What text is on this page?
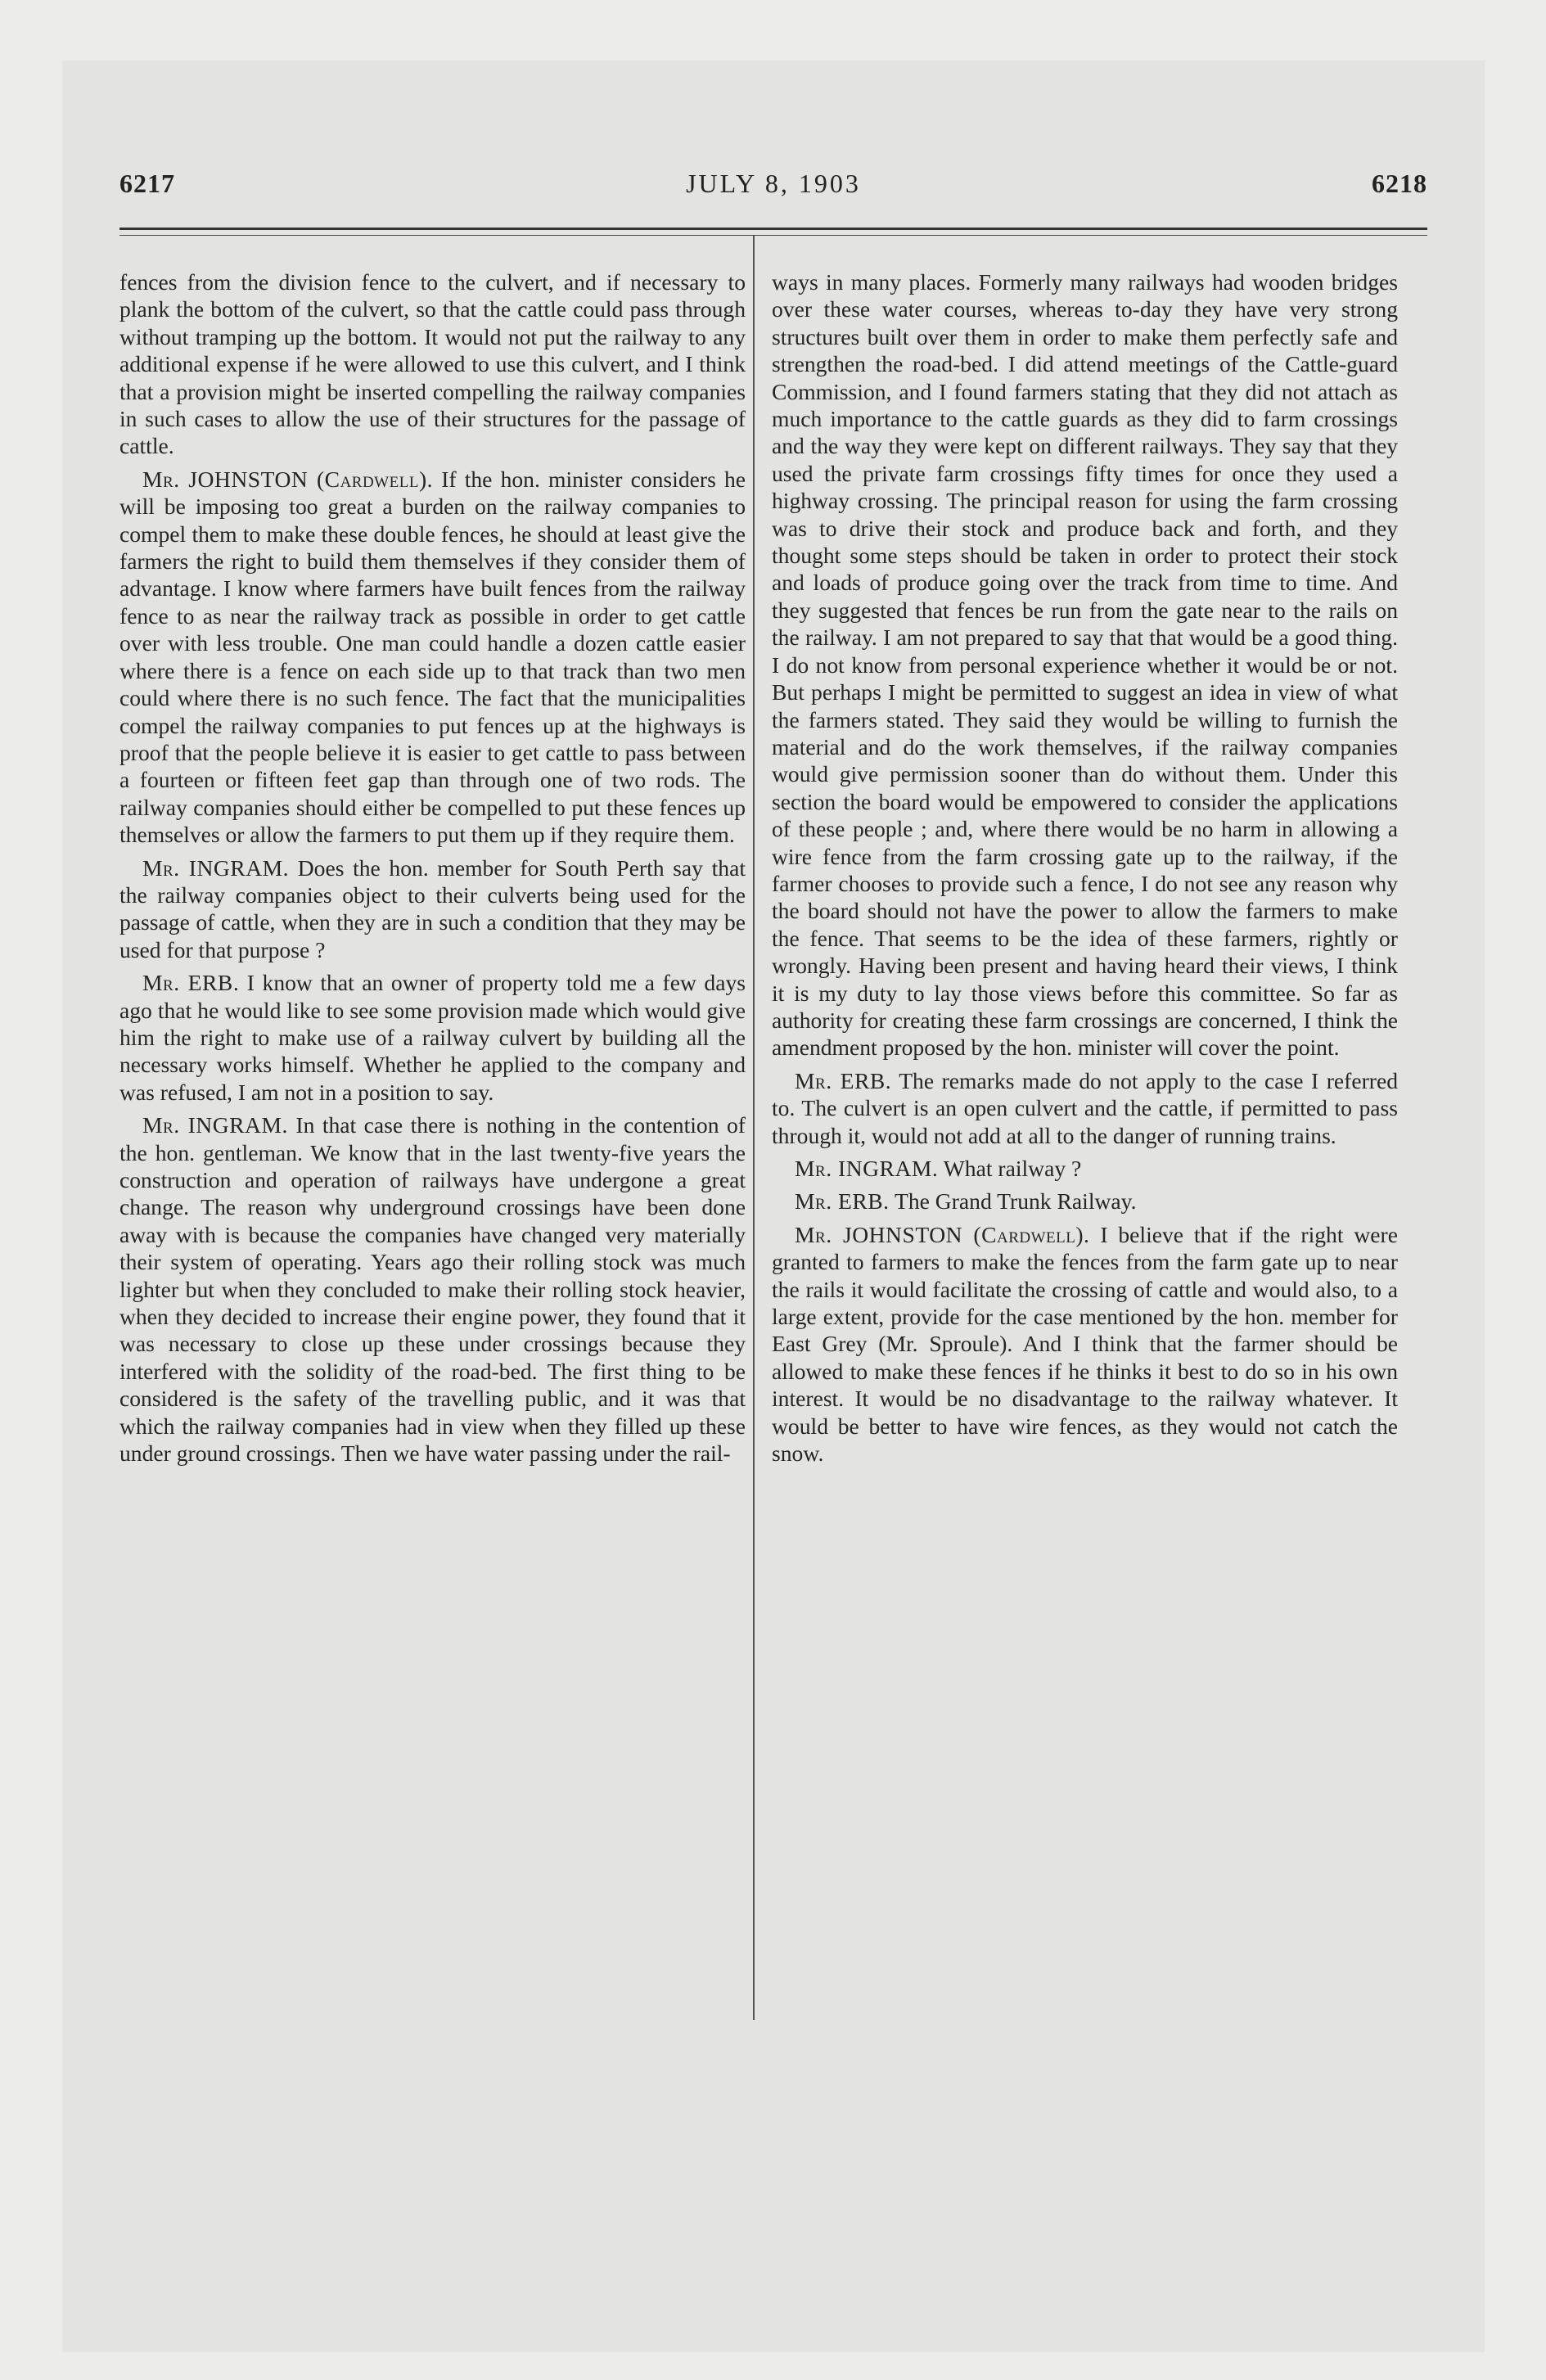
JULY 8, 1903
6217	6218

fences from the division fence to the culvert, and if necessary to plank the bottom of the culvert, so that the cattle could pass through without tramping up the bottom. It would not put the railway to any additional expense if he were allowed to use this culvert, and I think that a provision might be inserted compelling the railway companies in such cases to allow the use of their structures for the passage of cattle.

Mr. JOHNSTON (Cardwell). If the hon. minister considers he will be imposing too great a burden on the railway companies to compel them to make these double fences, he should at least give the farmers the right to build them themselves if they consider them of advantage. I know where farmers have built fences from the railway fence to as near the railway track as possible in order to get cattle over with less trouble. One man could handle a dozen cattle easier where there is a fence on each side up to that track than two men could where there is no such fence. The fact that the municipalities compel the railway companies to put fences up at the highways is proof that the people believe it is easier to get cattle to pass between a fourteen or fifteen feet gap than through one of two rods. The railway companies should either be compelled to put these fences up themselves or allow the farmers to put them up if they require them.

Mr. INGRAM. Does the hon. member for South Perth say that the railway companies object to their culverts being used for the passage of cattle, when they are in such a condition that they may be used for that purpose ?

Mr. ERB. I know that an owner of property told me a few days ago that he would like to see some provision made which would give him the right to make use of a railway culvert by building all the necessary works himself. Whether he applied to the company and was refused, I am not in a position to say.

Mr. INGRAM. In that case there is nothing in the contention of the hon. gentleman. We know that in the last twenty-five years the construction and operation of railways have undergone a great change. The reason why underground crossings have been done away with is because the companies have changed very materially their system of operating. Years ago their rolling stock was much lighter but when they concluded to make their rolling stock heavier, when they decided to increase their engine power, they found that it was necessary to close up these under crossings because they interfered with the solidity of the road-bed. The first thing to be considered is the safety of the travelling public, and it was that which the railway companies had in view when they filled up these under ground crossings. Then we have water passing under the rail-

ways in many places. Formerly many railways had wooden bridges over these water courses, whereas to-day they have very strong structures built over them in order to make them perfectly safe and strengthen the road-bed. I did attend meetings of the Cattle-guard Commission, and I found farmers stating that they did not attach as much importance to the cattle guards as they did to farm crossings and the way they were kept on different railways. They say that they used the private farm crossings fifty times for once they used a highway crossing. The principal reason for using the farm crossing was to drive their stock and produce back and forth, and they thought some steps should be taken in order to protect their stock and loads of produce going over the track from time to time. And they suggested that fences be run from the gate near to the rails on the railway. I am not prepared to say that that would be a good thing. I do not know from personal experience whether it would be or not. But perhaps I might be permitted to suggest an idea in view of what the farmers stated. They said they would be willing to furnish the material and do the work themselves, if the railway companies would give permission sooner than do without them. Under this section the board would be empowered to consider the applications of these people ; and, where there would be no harm in allowing a wire fence from the farm crossing gate up to the railway, if the farmer chooses to provide such a fence, I do not see any reason why the board should not have the power to allow the farmers to make the fence. That seems to be the idea of these farmers, rightly or wrongly. Having been present and having heard their views, I think it is my duty to lay those views before this committee. So far as authority for creating these farm crossings are concerned, I think the amendment proposed by the hon. minister will cover the point.

Mr. ERB. The remarks made do not apply to the case I referred to. The culvert is an open culvert and the cattle, if permitted to pass through it, would not add at all to the danger of running trains.

Mr. INGRAM. What railway ?

Mr. ERB. The Grand Trunk Railway.

Mr. JOHNSTON (Cardwell). I believe that if the right were granted to farmers to make the fences from the farm gate up to near the rails it would facilitate the crossing of cattle and would also, to a large extent, provide for the case mentioned by the hon. member for East Grey (Mr. Sproule). And I think that the farmer should be allowed to make these fences if he thinks it best to do so in his own interest. It would be no disadvantage to the railway whatever. It would be better to have wire fences, as they would not catch the snow.
